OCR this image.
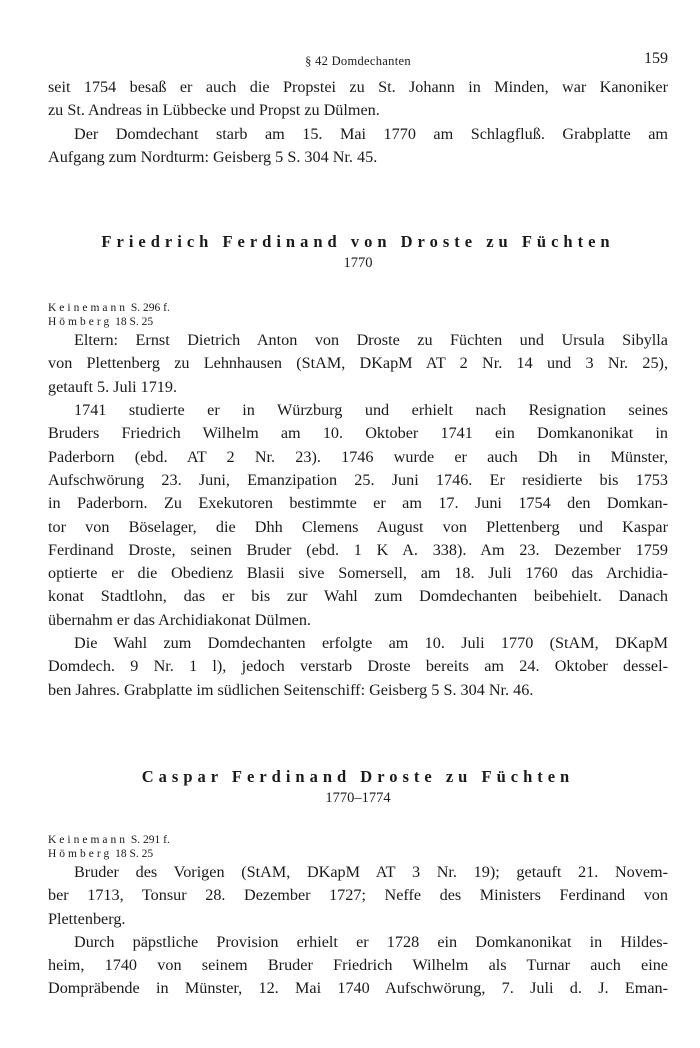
§ 42 Domdechanten	159

seit 1754 besaß er auch die Propstei zu St. Johann in Minden, war Kanoniker
zu St. Andreas in Lübbecke und Propst zu Dülmen.

Der Domdechant starb am 15. Mai 1770 am Schlagfluß. Grabplatte am
Aufgang zum Nordturm: Geisberg 5 S. 304 Nr. 45.

Friedrich Ferdinand von Droste zu Füchten
1770
Keinemann S. 296 f.
Hömberg 18 S. 25

Eltern: Ernst Dietrich Anton von Droste zu Füchten und Ursula Sibylla
von Plettenberg zu Lehnhausen (StAM, DKapM AT 2 Nr. 14 und 3 Nr. 25),
getauft 5. Juli 1719.

1741 studierte er in Würzburg und erhielt nach Resignation seines
Bruders Friedrich Wilhelm am 10. Oktober 1741 ein Domkanonikat in
Paderborn (ebd. AT 2 Nr. 23). 1746 wurde er auch Dh in Münster,
Aufschwörung 23. Juni, Emanzipation 25. Juni 1746. Er residierte bis 1753
in Paderborn. Zu Exekutoren bestimmte er am 17. Juni 1754 den Domkan-
tor von Böselager, die Dhh Clemens August von Plettenberg und Kaspar
Ferdinand Droste, seinen Bruder (ebd. 1 K A. 338). Am 23. Dezember 1759
optierte er die Obedienz Blasii sive Somersell, am 18. Juli 1760 das Archidia-
konat Stadtlohn, das er bis zur Wahl zum Domdechanten beibehielt. Danach
übernahm er das Archidiakonat Dülmen.

Die Wahl zum Domdechanten erfolgte am 10. Juli 1770 (StAM, DKapM
Domdech. 9 Nr. 1 l), jedoch verstarb Droste bereits am 24. Oktober dessel-
ben Jahres. Grabplatte im südlichen Seitenschiff: Geisberg 5 S. 304 Nr. 46.

Caspar Ferdinand Droste zu Füchten
1770–1774
Keinemann S. 291 f.
Hömberg 18 S. 25

Bruder des Vorigen (StAM, DKapM AT 3 Nr. 19); getauft 21. Novem-
ber 1713, Tonsur 28. Dezember 1727; Neffe des Ministers Ferdinand von
Plettenberg.

Durch päpstliche Provision erhielt er 1728 ein Domkanonikat in Hildes-
heim, 1740 von seinem Bruder Friedrich Wilhelm als Turnar auch eine
Dompräbende in Münster, 12. Mai 1740 Aufschwörung, 7. Juli d. J. Eman-
